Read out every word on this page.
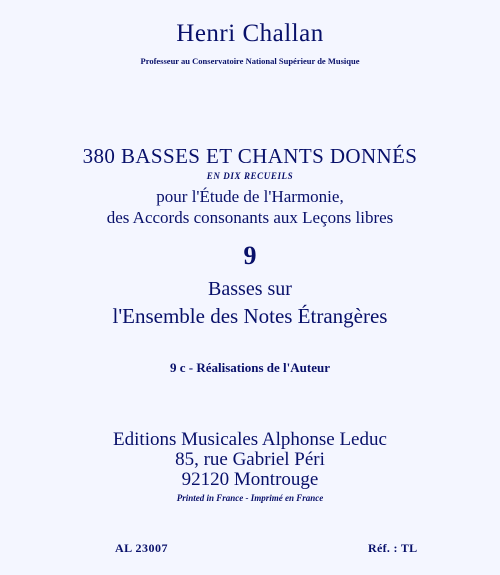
Henri Challan
Professeur au Conservatoire National Supérieur de Musique
380 BASSES ET CHANTS DONNÉS
EN DIX RECUEILS
pour l'Étude de l'Harmonie,
des Accords consonants aux Leçons libres
9
Basses sur
l'Ensemble des Notes Étrangères
9 c - Réalisations de l'Auteur
Editions Musicales Alphonse Leduc
85, rue Gabriel Péri
92120 Montrouge
Printed in France - Imprimé en France
AL 23007	Réf. : TL
